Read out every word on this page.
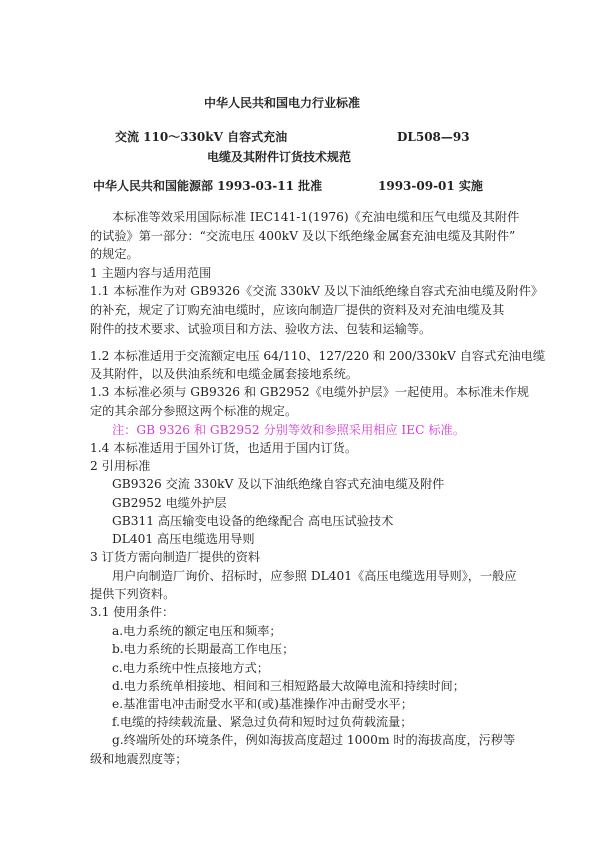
中华人民共和国电力行业标准
交流 110～330kV 自容式充油	DL508—93
电缆及其附件订货技术规范
中华人民共和国能源部 1993-03-11 批准	1993-09-01 实施
本标准等效采用国际标准 IEC141-1(1976)《充油电缆和压气电缆及其附件
的试验》第一部分：“交流电压 400kV 及以下纸绝缘金属套充油电缆及其附件”
的规定。
1 主题内容与适用范围
1.1 本标准作为对 GB9326《交流 330kV 及以下油纸绝缘自容式充油电缆及附件》
的补充，规定了订购充油电缆时，应该向制造厂提供的资料及对充油电缆及其
附件的技术要求、试验项目和方法、验收方法、包装和运输等。
1.2 本标准适用于交流额定电压 64/110、127/220 和 200/330kV 自容式充油电缆
及其附件，以及供油系统和电缆金属套接地系统。
1.3 本标准必须与 GB9326 和 GB2952《电缆外护层》一起使用。本标准未作规
定的其余部分参照这两个标准的规定。
注：GB 9326 和 GB2952 分别等效和参照采用相应 IEC 标准。
1.4 本标准适用于国外订货，也适用于国内订货。
2 引用标准
GB9326 交流 330kV 及以下油纸绝缘自容式充油电缆及附件
GB2952 电缆外护层
GB311 高压输变电设备的绝缘配合 高电压试验技术
DL401 高压电缆选用导则
3 订货方需向制造厂提供的资料
用户向制造厂询价、招标时，应参照 DL401《高压电缆选用导则》，一般应
提供下列资料。
3.1 使用条件：
a.电力系统的额定电压和频率；
b.电力系统的长期最高工作电压；
c.电力系统中性点接地方式；
d.电力系统单相接地、相间和三相短路最大故障电流和持续时间；
e.基准雷电冲击耐受水平和(或)基准操作冲击耐受水平；
f.电缆的持续载流量、紧急过负荷和短时过负荷载流量；
g.终端所处的环境条件，例如海拔高度超过 1000m 时的海拔高度，污秽等
级和地震烈度等；
